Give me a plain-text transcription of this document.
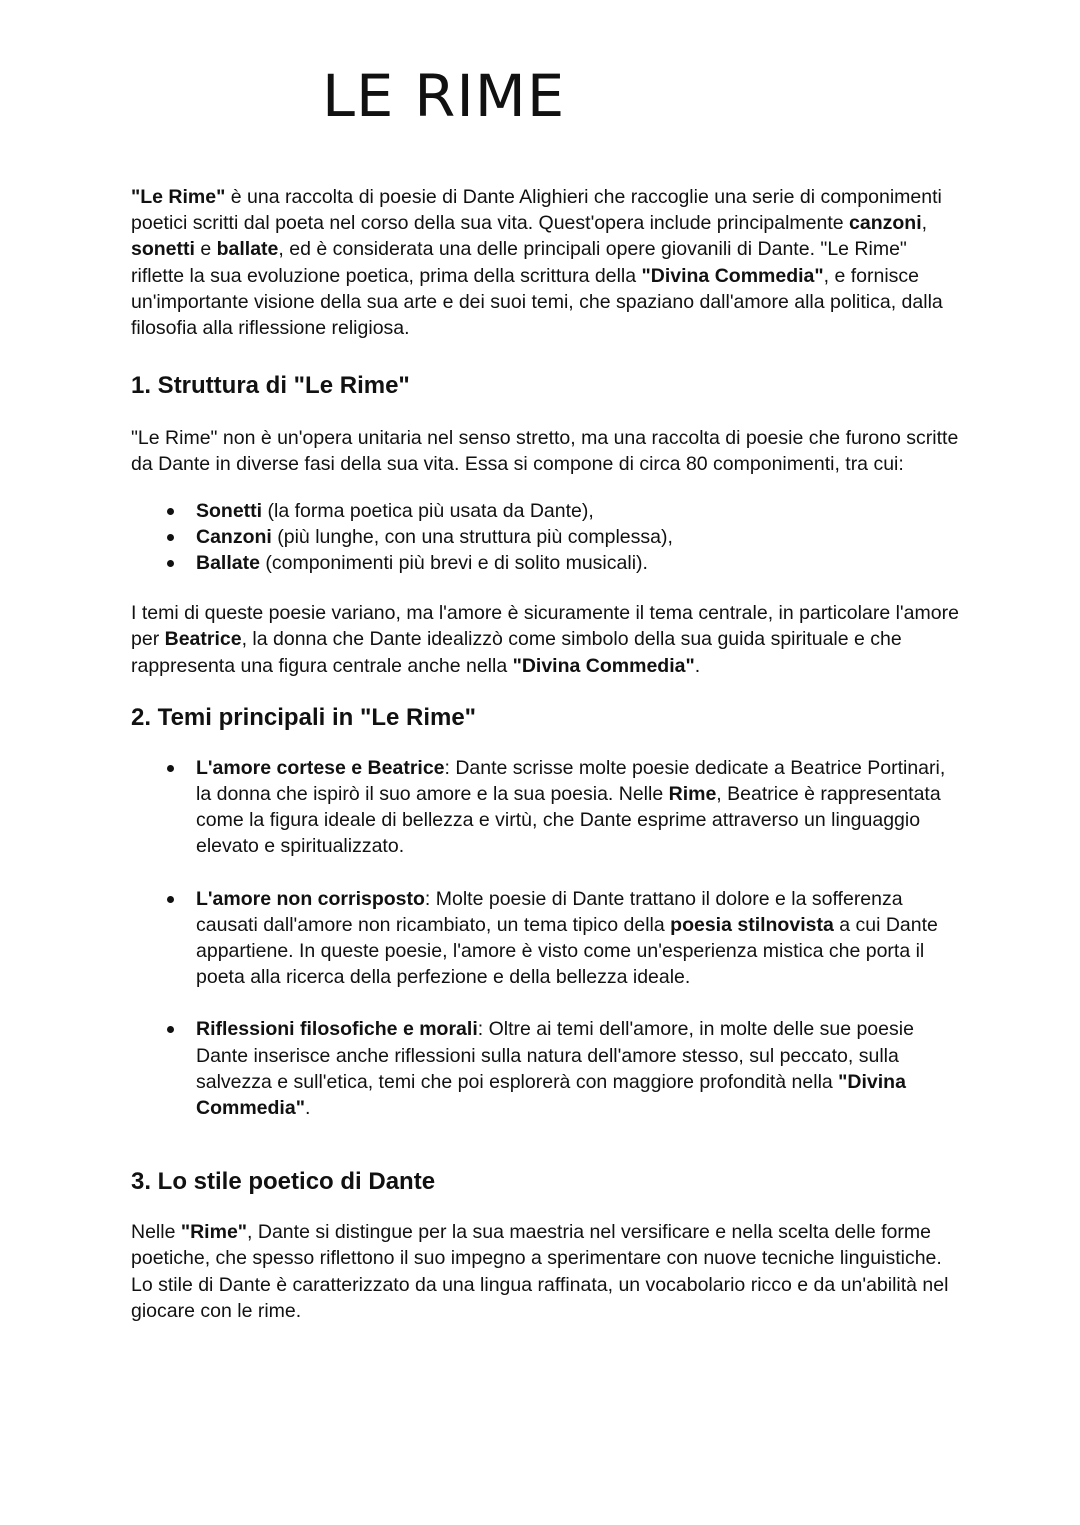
LE RIME

"Le Rime" è una raccolta di poesie di Dante Alighieri che raccoglie una serie di componimenti poetici scritti dal poeta nel corso della sua vita. Quest'opera include principalmente canzoni, sonetti e ballate, ed è considerata una delle principali opere giovanili di Dante. "Le Rime" riflette la sua evoluzione poetica, prima della scrittura della "Divina Commedia", e fornisce un'importante visione della sua arte e dei suoi temi, che spaziano dall'amore alla politica, dalla filosofia alla riflessione religiosa.

1. Struttura di "Le Rime"

"Le Rime" non è un'opera unitaria nel senso stretto, ma una raccolta di poesie che furono scritte da Dante in diverse fasi della sua vita. Essa si compone di circa 80 componimenti, tra cui:

Sonetti (la forma poetica più usata da Dante),
Canzoni (più lunghe, con una struttura più complessa),
Ballate (componimenti più brevi e di solito musicali).

I temi di queste poesie variano, ma l'amore è sicuramente il tema centrale, in particolare l'amore per Beatrice, la donna che Dante idealizzò come simbolo della sua guida spirituale e che rappresenta una figura centrale anche nella "Divina Commedia".

2. Temi principali in "Le Rime"
L'amore cortese e Beatrice: Dante scrisse molte poesie dedicate a Beatrice Portinari, la donna che ispirò il suo amore e la sua poesia. Nelle Rime, Beatrice è rappresentata come la figura ideale di bellezza e virtù, che Dante esprime attraverso un linguaggio elevato e spiritualizzato.
L'amore non corrisposto: Molte poesie di Dante trattano il dolore e la sofferenza causati dall'amore non ricambiato, un tema tipico della poesia stilnovista a cui Dante appartiene. In queste poesie, l'amore è visto come un'esperienza mistica che porta il poeta alla ricerca della perfezione e della bellezza ideale.
Riflessioni filosofiche e morali: Oltre ai temi dell'amore, in molte delle sue poesie Dante inserisce anche riflessioni sulla natura dell'amore stesso, sul peccato, sulla salvezza e sull'etica, temi che poi esplorerà con maggiore profondità nella "Divina Commedia".
3. Lo stile poetico di Dante

Nelle "Rime", Dante si distingue per la sua maestria nel versificare e nella scelta delle forme poetiche, che spesso riflettono il suo impegno a sperimentare con nuove tecniche linguistiche. Lo stile di Dante è caratterizzato da una lingua raffinata, un vocabolario ricco e da un'abilità nel giocare con le rime.
